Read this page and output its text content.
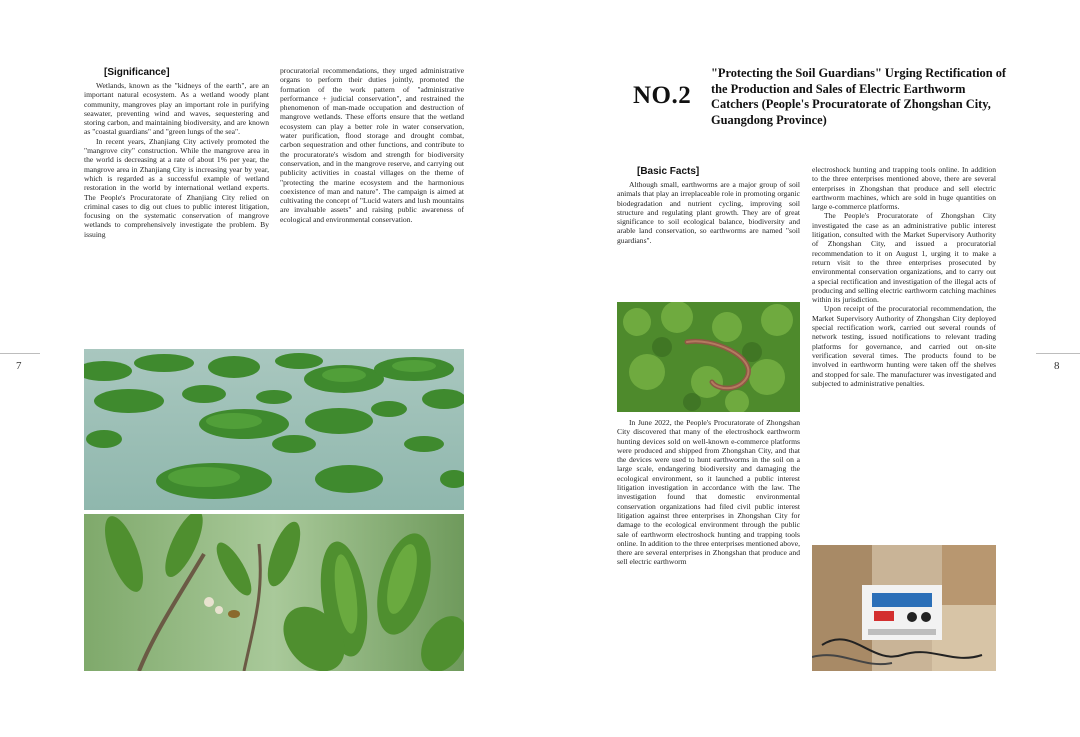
7	8
[Significance]

Wetlands, known as the "kidneys of the earth", are an important natural ecosystem. As a wetland woody plant community, mangroves play an important role in purifying seawater, preventing wind and waves, sequestering and storing carbon, and maintaining biodiversity, and are known as "coastal guardians" and "green lungs of the sea".

In recent years, Zhanjiang City actively promoted the "mangrove city" construction. While the mangrove area in the world is decreasing at a rate of about 1% per year, the mangrove area in Zhanjiang City is increasing year by year, which is regarded as a successful example of wetland restoration in the world by international wetland experts. The People's Procuratorate of Zhanjiang City relied on criminal cases to dig out clues to public interest litigation, focusing on the systematic conservation of mangrove wetlands to comprehensively investigate the problem. By issuing

procuratorial recommendations, they urged administrative organs to perform their duties jointly, promoted the formation of the work pattern of "administrative performance + judicial conservation", and restrained the phenomenon of man-made occupation and destruction of mangrove wetlands. These efforts ensure that the wetland ecosystem can play a better role in water conservation, water purification, flood storage and drought combat, carbon sequestration and other functions, and contribute to the procuratorate's wisdom and strength for biodiversity conservation, and in the mangrove reserve, and carrying out publicity activities in coastal villages on the theme of "protecting the marine ecosystem and the harmonious coexistence of man and nature". The campaign is aimed at cultivating the concept of "Lucid waters and lush mountains are invaluable assets" and raising public awareness of ecological and environmental conservation.

NO.2
"Protecting the Soil Guardians" Urging Rectification of the Production and Sales of Electric Earthworm Catchers (People's Procuratorate of Zhongshan City, Guangdong Province)
[Basic Facts]

Although small, earthworms are a major group of soil animals that play an irreplaceable role in promoting organic biodegradation and nutrient cycling, improving soil structure and regulating plant growth. They are of great significance to soil ecological balance, biodiversity and arable land conservation, so earthworms are named "soil guardians".

In June 2022, the People's Procuratorate of Zhongshan City discovered that many of the electroshock earthworm hunting devices sold on well-known e-commerce platforms were produced and shipped from Zhongshan City, and that the devices were used to hunt earthworms in the soil on a large scale, endangering biodiversity and damaging the ecological environment, so it launched a public interest litigation investigation in accordance with the law. The investigation found that domestic environmental conservation organizations had filed civil public interest litigation against three enterprises in Zhongshan City for damage to the ecological environment through the public sale of earthworm electroshock hunting and trapping tools online. In addition to the three enterprises mentioned above, there are several enterprises in Zhongshan that produce and sell electric earthworm

electroshock hunting and trapping tools online. In addition to the three enterprises mentioned above, there are several enterprises in Zhongshan that produce and sell electric earthworm machines, which are sold in huge quantities on large e-commerce platforms.

The People's Procuratorate of Zhongshan City investigated the case as an administrative public interest litigation, consulted with the Market Supervisory Authority of Zhongshan City, and issued a procuratorial recommendation to it on August 1, urging it to make a return visit to the three enterprises prosecuted by environmental conservation organizations, and to carry out a special rectification and investigation of the illegal acts of producing and selling electric earthworm catching machines within its jurisdiction.

Upon receipt of the procuratorial recommendation, the Market Supervisory Authority of Zhongshan City deployed special rectification work, carried out several rounds of network testing, issued notifications to relevant trading platforms for governance, and carried out on-site verification several times. The products found to be involved in earthworm hunting were taken off the shelves and stopped for sale. The manufacturer was investigated and subjected to administrative penalties.
